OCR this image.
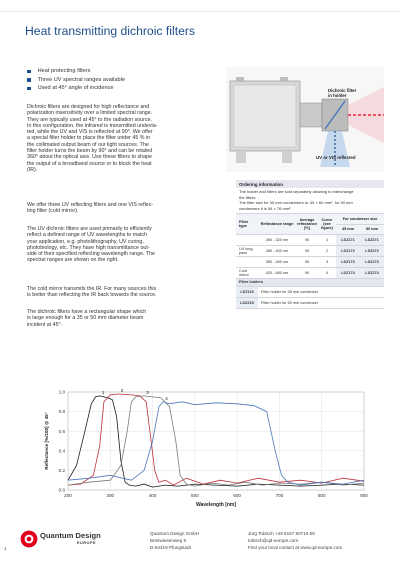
Heat transmitting dichroic filters
Heat protecting filters
Three UV spectral ranges available
Used at 45° angle of incidence

Dichroic filters are designed for high reflectance and

polarization insensitivity over a limited spectral range.

They are typically used at 45° to the radiation source.

In this configuration, the infrared is transmitted undevia-

ted, while the UV and VIS is reflected at 90°. We offer

a special filter holder to place the filter under 45 % in

the collimated output beam of our light sources. The

filter holder turns the beam by 90° and can be rotated

360° about the optical axis. Use these filters to shape

the output of a broadband source or to block the heat

(IR).

We offer three UV reflecting filters and one VIS reflec-

ting filter (cold mirror).

The UV dichroic filters are used primarily to efficiently

reflect a defined range of UV wavelengths to match

your application, e.g. photolithography, UV curing,

photobiology, etc. They have high transmittance out-

side of their specified reflecting wavelength range. The

spectral ranges are shown on the right.

The cold mirror transmits the IR. For many sources this

is better than reflecting the IR back towards the source.

The dichroic filters have a rectangular shape which

is large enough for a 35 or 50 mm diameter beam

incident at 45°.

Dichroic filter
in holder
UV or VIS reflected
Ordering information
The holder and filters are sold separately allowing to interchange
the filters.
The filter size for 35 mm condensers is: 45 × 60 mm², for 50 mm
condensers it is 56 × 76 mm².
Filter type	Reflectance range	Average reflectance [%]	Curve (see figure)	For condenser size	
				35 mm	50 mm
	260 - 320 nm	95	1	LSZ171	LSZ271
UV long pass	280 - 400 nm	95	2	LSZ172	LSZ272
	350 - 450 nm	95	3	LSZ173	LSZ273
Cold mirror	420 - 680 nm	90	4	LSZ174	LSZ274
Filter holders					
LSZ115	Filter holder for 35 mm condenser				
LSZ215	Filter holder for 50 mm condenser				
0.0
0.2
0.4
0.6
0.8
1.0
200	300	400	500	600	700	800	900
1	2	3
4
Wavelength [nm]
Reflectance [%/100] @ 45°
Quantum Design
EUROPE
Quantum Design GmbH
Breitwiesenweg 9
D-64319 Pfungstadt
Jürg Tobisch +49 6157 80710-50
tobisch@qd-europe.com
Find your local contact at www.qd-europe.com
1
